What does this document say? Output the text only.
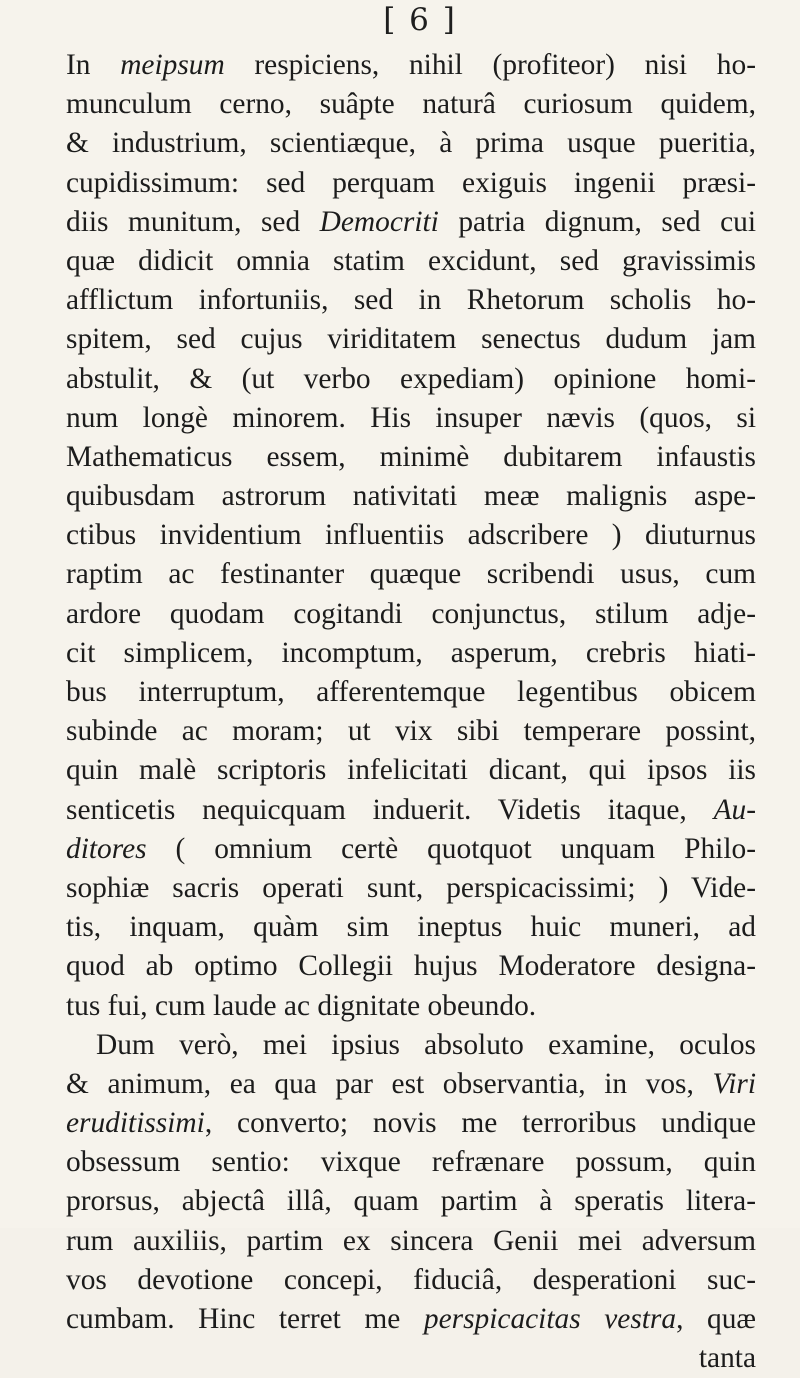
[ 6 ]
In meipsum respiciens, nihil (profiteor) nisi ho-
munculum cerno, suâpte naturâ curiosum quidem,
& industrium, scientiæque, à prima usque pueritia,
cupidissimum: sed perquam exiguis ingenii præsi-
diis munitum, sed Democriti patria dignum, sed cui
quæ didicit omnia statim excidunt, sed gravissimis
afflictum infortuniis, sed in Rhetorum scholis ho-
spitem, sed cujus viriditatem senectus dudum jam
abstulit, & (ut verbo expediam) opinione homi-
num longè minorem. His insuper nævis (quos, si
Mathematicus essem, minimè dubitarem infaustis
quibusdam astrorum nativitati meæ malignis aspe-
ctibus invidentium influentiis adscribere ) diuturnus
raptim ac festinanter quæque scribendi usus, cum
ardore quodam cogitandi conjunctus, stilum adje-
cit simplicem, incomptum, asperum, crebris hiati-
bus interruptum, afferentemque legentibus obicem
subinde ac moram; ut vix sibi temperare possint,
quin malè scriptoris infelicitati dicant, qui ipsos iis
senticetis nequicquam induerit. Videtis itaque, Au-
ditores ( omnium certè quotquot unquam Philo-
sophiæ sacris operati sunt, perspicacissimi; ) Vide-
tis, inquam, quàm sim ineptus huic muneri, ad
quod ab optimo Collegii hujus Moderatore designa-
tus fui, cum laude ac dignitate obeundo.
Dum verò, mei ipsius absoluto examine, oculos
& animum, ea qua par est observantia, in vos, Viri
eruditissimi, converto; novis me terroribus undique
obsessum sentio: vixque refrænare possum, quin
prorsus, abjectâ illâ, quam partim à speratis litera-
rum auxiliis, partim ex sincera Genii mei adversum
vos devotione concepi, fiduciâ, desperationi suc-
cumbam. Hinc terret me perspicacitas vestra, quæ
tanta
